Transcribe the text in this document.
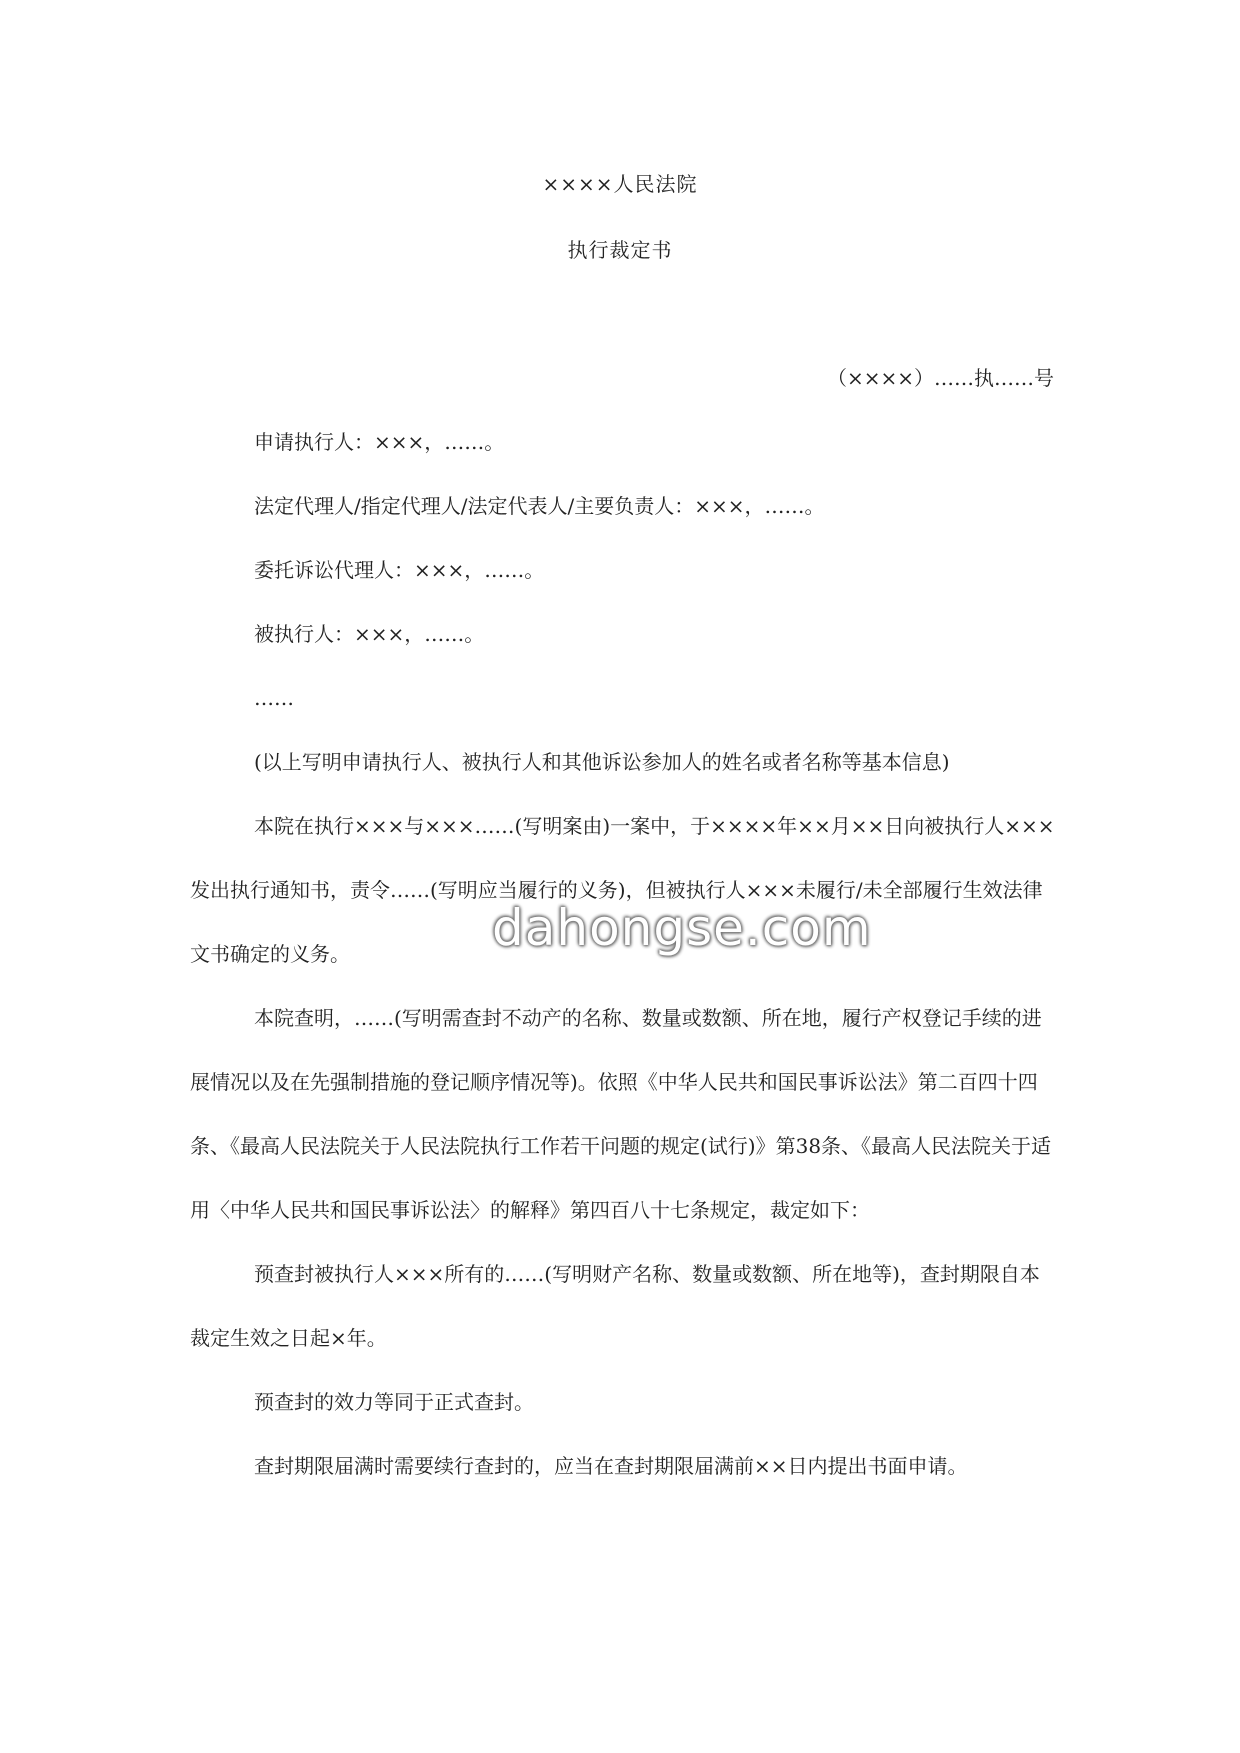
××××人民法院
执行裁定书
（××××）……执……号

申请执行人：×××，……。

法定代理人/指定代理人/法定代表人/主要负责人：×××，……。

委托诉讼代理人：×××，……。

被执行人：×××，……。

……

(以上写明申请执行人、被执行人和其他诉讼参加人的姓名或者名称等基本信息)

本院在执行×××与×××……(写明案由)一案中，于××××年××月××日向被执行人×××发出执行通知书，责令……(写明应当履行的义务)，但被执行人×××未履行/未全部履行生效法律文书确定的义务。

本院查明，……(写明需查封不动产的名称、数量或数额、所在地，履行产权登记手续的进展情况以及在先强制措施的登记顺序情况等)。依照《中华人民共和国民事诉讼法》第二百四十四条、《最高人民法院关于人民法院执行工作若干问题的规定(试行)》第38条、《最高人民法院关于适用〈中华人民共和国民事诉讼法〉的解释》第四百八十七条规定，裁定如下：

预查封被执行人×××所有的……(写明财产名称、数量或数额、所在地等)，查封期限自本裁定生效之日起×年。

预查封的效力等同于正式查封。

查封期限届满时需要续行查封的，应当在查封期限届满前××日内提出书面申请。

dahongse.com
